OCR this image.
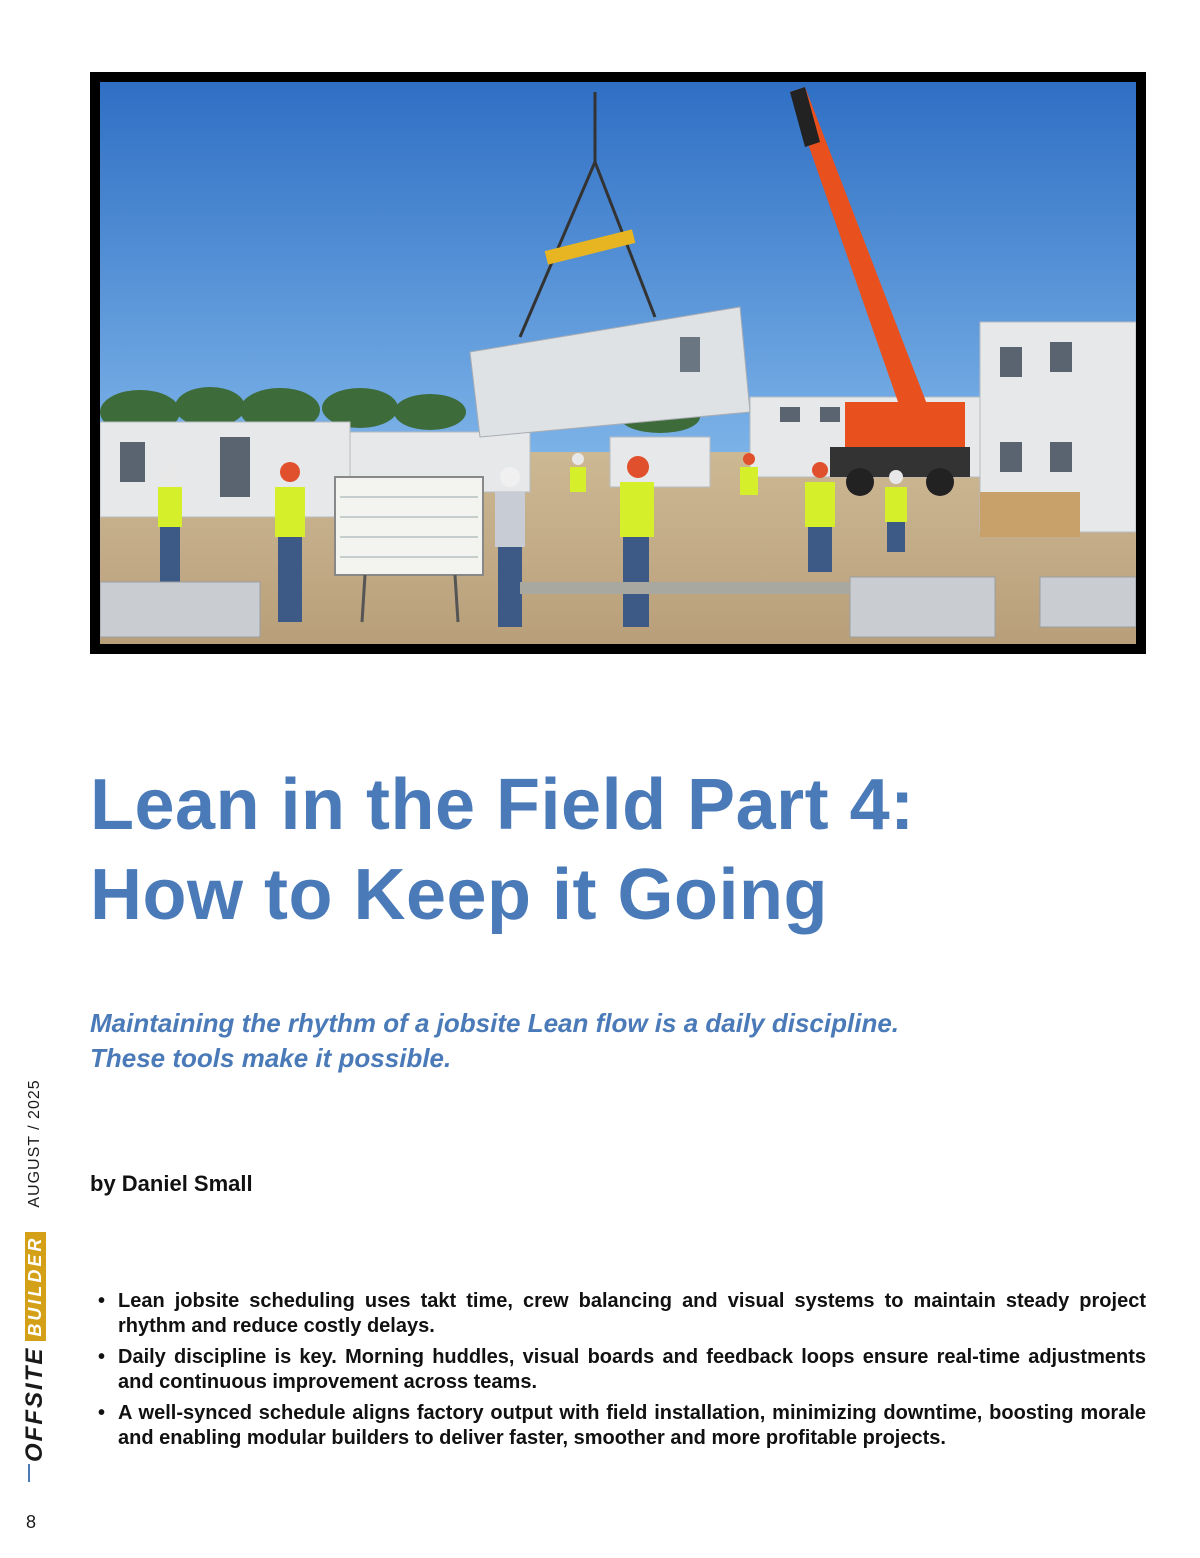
Lean in the Field Part 4:
How to Keep it Going

Maintaining the rhythm of a jobsite Lean flow is a daily discipline.
These tools make it possible.

by Daniel Small

• Lean jobsite scheduling uses takt time, crew balancing and visual systems to maintain steady project rhythm and reduce costly delays.
• Daily discipline is key. Morning huddles, visual boards and feedback loops ensure real-time adjustments and continuous improvement across teams.
• A well-synced schedule aligns factory output with field installation, minimizing downtime, boosting morale and enabling modular builders to deliver faster, smoother and more profitable projects.
OFFSITE
BUILDER
AUGUST / 2025
8
